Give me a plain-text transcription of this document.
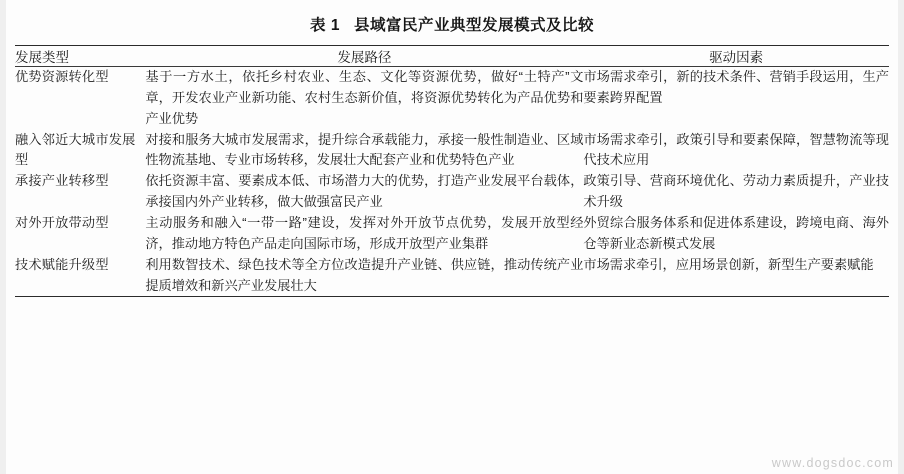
表 1 县域富民产业典型发展模式及比较

发展类型	发展路径	驱动因素

优势资源转化型	基于一方水土，依托乡村农业、生态、文化等资源优势，做好“土特产”文章，开发农业产业新功能、农村生态新价值，将资源优势转化为产品优势和产业优势	市场需求牵引，新的技术条件、营销手段运用，生产要素跨界配置
融入邻近大城市发展型	对接和服务大城市发展需求，提升综合承载能力，承接一般性制造业、区域性物流基地、专业市场转移，发展壮大配套产业和优势特色产业	市场需求牵引，政策引导和要素保障，智慧物流等现代技术应用
承接产业转移型	依托资源丰富、要素成本低、市场潜力大的优势，打造产业发展平台载体，承接国内外产业转移，做大做强富民产业	政策引导、营商环境优化、劳动力素质提升，产业技术升级
对外开放带动型	主动服务和融入“一带一路”建设，发挥对外开放节点优势，发展开放型经济，推动地方特色产品走向国际市场，形成开放型产业集群	外贸综合服务体系和促进体系建设，跨境电商、海外仓等新业态新模式发展
技术赋能升级型	利用数智技术、绿色技术等全方位改造提升产业链、供应链，推动传统产业提质增效和新兴产业发展壮大	市场需求牵引，应用场景创新，新型生产要素赋能

www.dogsdoc.com
